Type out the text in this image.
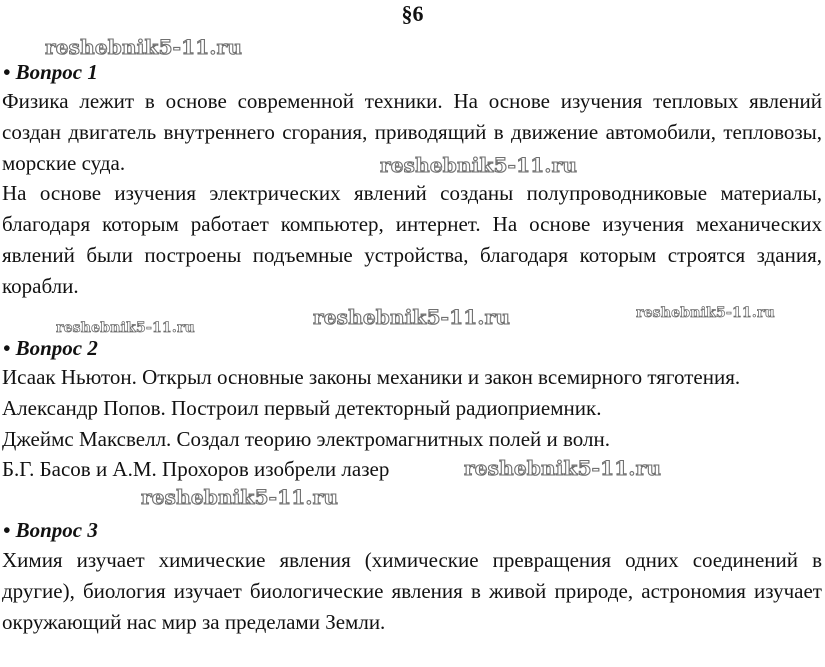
§6
reshebnik5-11.ru
• Вопрос 1

Физика лежит в основе современной техники. На основе изучения тепловых явлений создан двигатель внутреннего сгорания, приводящий в движение автомобили, тепловозы, морские суда.	reshebnik5-11.ru

На основе изучения электрических явлений созданы полупроводниковые материалы, благодаря которым работает компьютер, интернет. На основе изучения механических явлений были построены подъемные устройства, благодаря которым строятся здания, корабли.

reshebnik5-11.ru	reshebnik5-11.ru	reshebnik5-11.ru
• Вопрос 2
Исаак Ньютон. Открыл основные законы механики и закон всемирного тяготения.
Александр Попов. Построил первый детекторный радиоприемник.
Джеймс Максвелл. Создал теорию электромагнитных полей и волн.
Б.Г. Басов и А.М. Прохоров изобрели лазер	reshebnik5-11.ru
reshebnik5-11.ru
• Вопрос 3

Химия изучает химические явления (химические превращения одних соединений в другие), биология изучает биологические явления в живой природе, астрономия изучает окружающий нас мир за пределами Земли.
